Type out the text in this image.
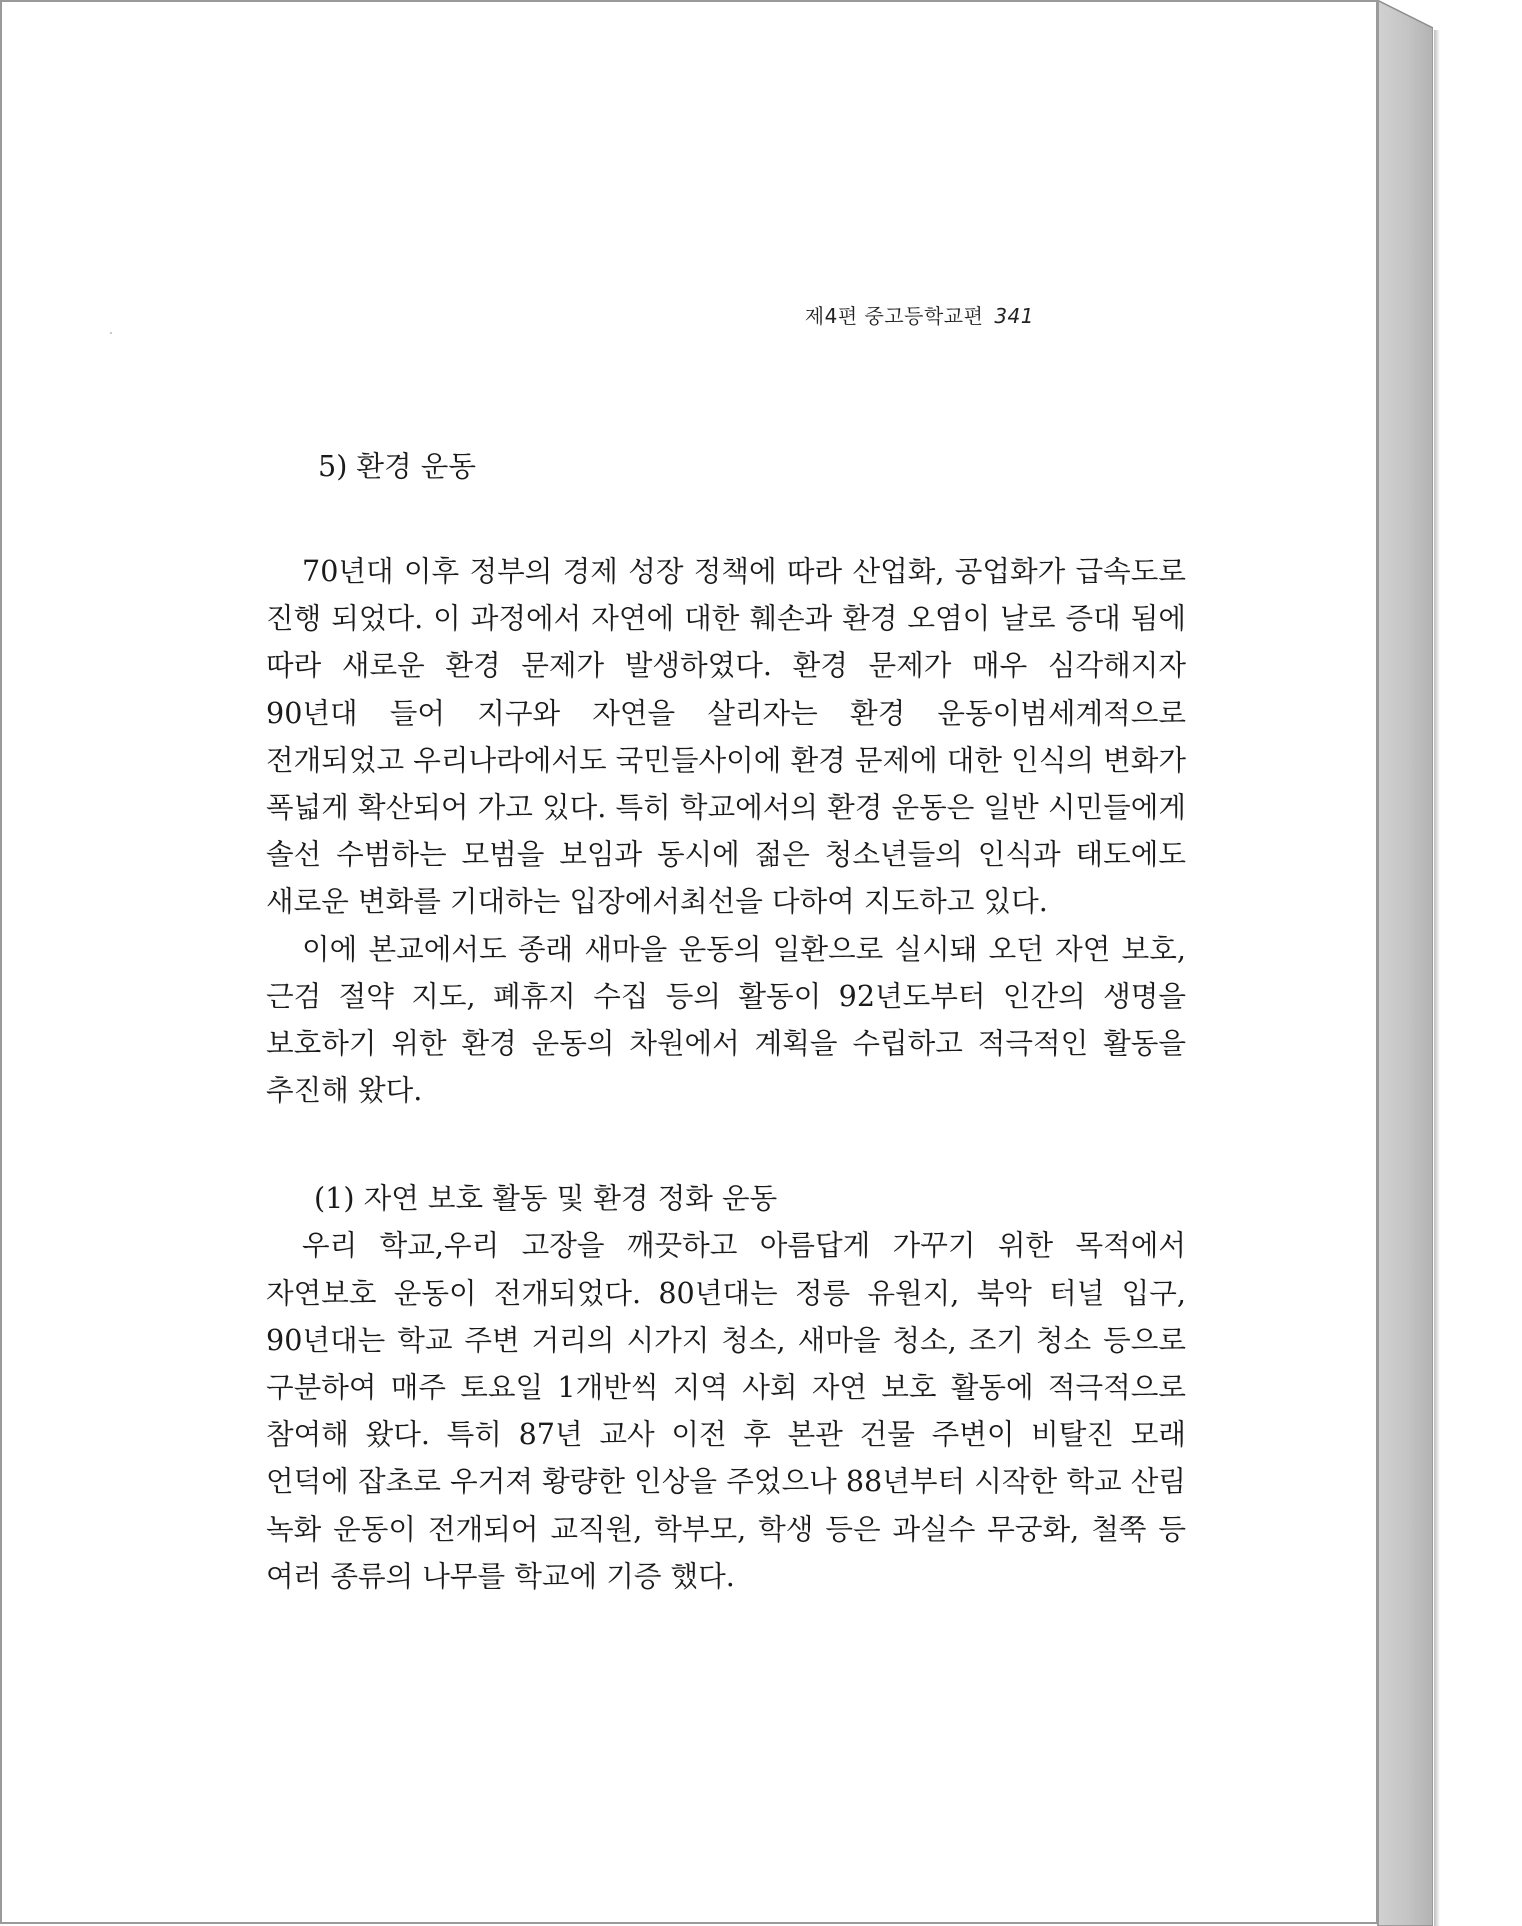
제4편 중고등학교편 341

5) 환경 운동

70년대 이후 정부의 경제 성장 정책에 따라 산업화, 공업화가 급속도로 진행 되었다. 이 과정에서 자연에 대한 훼손과 환경 오염이 날로 증대 됨에 따라 새로운 환경 문제가 발생하였다. 환경 문제가 매우 심각해지자 90년대 들어 지구와 자연을 살리자는 환경 운동이범세계적으로 전개되었고 우리나라에서도 국민들사이에 환경 문제에 대한 인식의 변화가 폭넓게 확산되어 가고 있다. 특히 학교에서의 환경 운동은 일반 시민들에게 솔선 수범하는 모범을 보임과 동시에 젊은 청소년들의 인식과 태도에도 새로운 변화를 기대하는 입장에서최선을 다하여 지도하고 있다.

이에 본교에서도 종래 새마을 운동의 일환으로 실시돼 오던 자연 보호, 근검 절약 지도, 폐휴지 수집 등의 활동이 92년도부터 인간의 생명을 보호하기 위한 환경 운동의 차원에서 계획을 수립하고 적극적인 활동을 추진해 왔다.

(1) 자연 보호 활동 및 환경 정화 운동

우리 학교,우리 고장을 깨끗하고 아름답게 가꾸기 위한 목적에서 자연보호 운동이 전개되었다. 80년대는 정릉 유원지, 북악 터널 입구, 90년대는 학교 주변 거리의 시가지 청소, 새마을 청소, 조기 청소 등으로 구분하여 매주 토요일 1개반씩 지역 사회 자연 보호 활동에 적극적으로 참여해 왔다. 특히 87년 교사 이전 후 본관 건물 주변이 비탈진 모래 언덕에 잡초로 우거져 황량한 인상을 주었으나 88년부터 시작한 학교 산림 녹화 운동이 전개되어 교직원, 학부모, 학생 등은 과실수 무궁화, 철쭉 등 여러 종류의 나무를 학교에 기증 했다.
